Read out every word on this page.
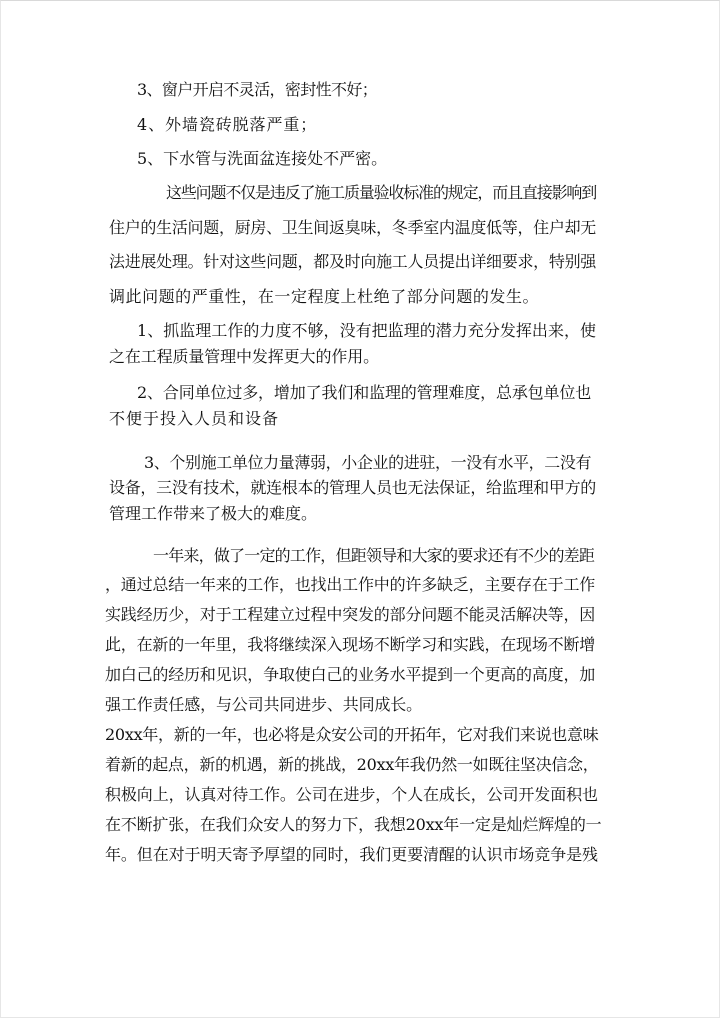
3、窗户开启不灵活，密封性不好；
4、外墙瓷砖脱落严重；
5、下水管与洗面盆连接处不严密。
这些问题不仅是违反了施工质量验收标准的规定，而且直接影响到
住户的生活问题，厨房、卫生间返臭味，冬季室内温度低等，住户却无
法进展处理。针对这些问题，都及时向施工人员提出详细要求，特别强
调此问题的严重性，在一定程度上杜绝了部分问题的发生。
1、抓监理工作的力度不够，没有把监理的潜力充分发挥出来，使
之在工程质量管理中发挥更大的作用。
2、合同单位过多，增加了我们和监理的管理难度，总承包单位也
不便于投入人员和设备
3、个别施工单位力量薄弱，小企业的进驻，一没有水平，二没有
设备，三没有技术，就连根本的管理人员也无法保证，给监理和甲方的
管理工作带来了极大的难度。
一年来，做了一定的工作，但距领导和大家的要求还有不少的差距
，通过总结一年来的工作，也找出工作中的许多缺乏，主要存在于工作
实践经历少，对于工程建立过程中突发的部分问题不能灵活解决等，因
此，在新的一年里，我将继续深入现场不断学习和实践，在现场不断增
加白己的经历和见识，争取使白己的业务水平提到一个更高的高度，加
强工作责任感，与公司共同进步、共同成长。
20xx年，新的一年，也必将是众安公司的开拓年，它对我们来说也意味
着新的起点，新的机遇，新的挑战，20xx年我仍然一如既往坚决信念，
积极向上，认真对待工作。公司在进步，个人在成长，公司开发面积也
在不断扩张，在我们众安人的努力下，我想20xx年一定是灿烂辉煌的一
年。但在对于明天寄予厚望的同时，我们更要清醒的认识市场竞争是残
